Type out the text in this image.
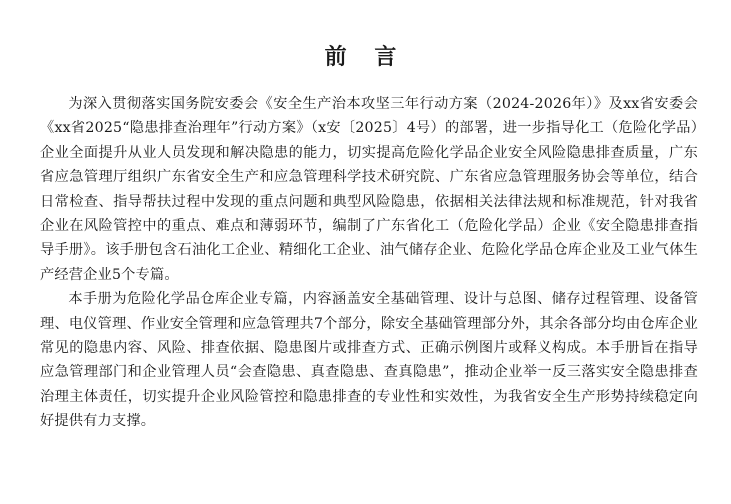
前 言

为深入贯彻落实国务院安委会《安全生产治本攻坚三年行动方案（2024-2026年）》及xx省安委会《xx省2025“隐患排查治理年”行动方案》（x安〔2025〕4号）的部署，进一步指导化工（危险化学品）企业全面提升从业人员发现和解决隐患的能力，切实提高危险化学品企业安全风险隐患排查质量，广东省应急管理厅组织广东省安全生产和应急管理科学技术研究院、广东省应急管理服务协会等单位，结合日常检查、指导帮扶过程中发现的重点问题和典型风险隐患，依据相关法律法规和标准规范，针对我省企业在风险管控中的重点、难点和薄弱环节，编制了广东省化工（危险化学品）企业《安全隐患排查指导手册》。该手册包含石油化工企业、精细化工企业、油气储存企业、危险化学品仓库企业及工业气体生产经营企业5个专篇。

本手册为危险化学品仓库企业专篇，内容涵盖安全基础管理、设计与总图、储存过程管理、设备管理、电仪管理、作业安全管理和应急管理共7个部分，除安全基础管理部分外，其余各部分均由仓库企业常见的隐患内容、风险、排查依据、隐患图片或排查方式、正确示例图片或释义构成。本手册旨在指导应急管理部门和企业管理人员“会查隐患、真查隐患、查真隐患”，推动企业举一反三落实安全隐患排查治理主体责任，切实提升企业风险管控和隐患排查的专业性和实效性，为我省安全生产形势持续稳定向好提供有力支撑。
